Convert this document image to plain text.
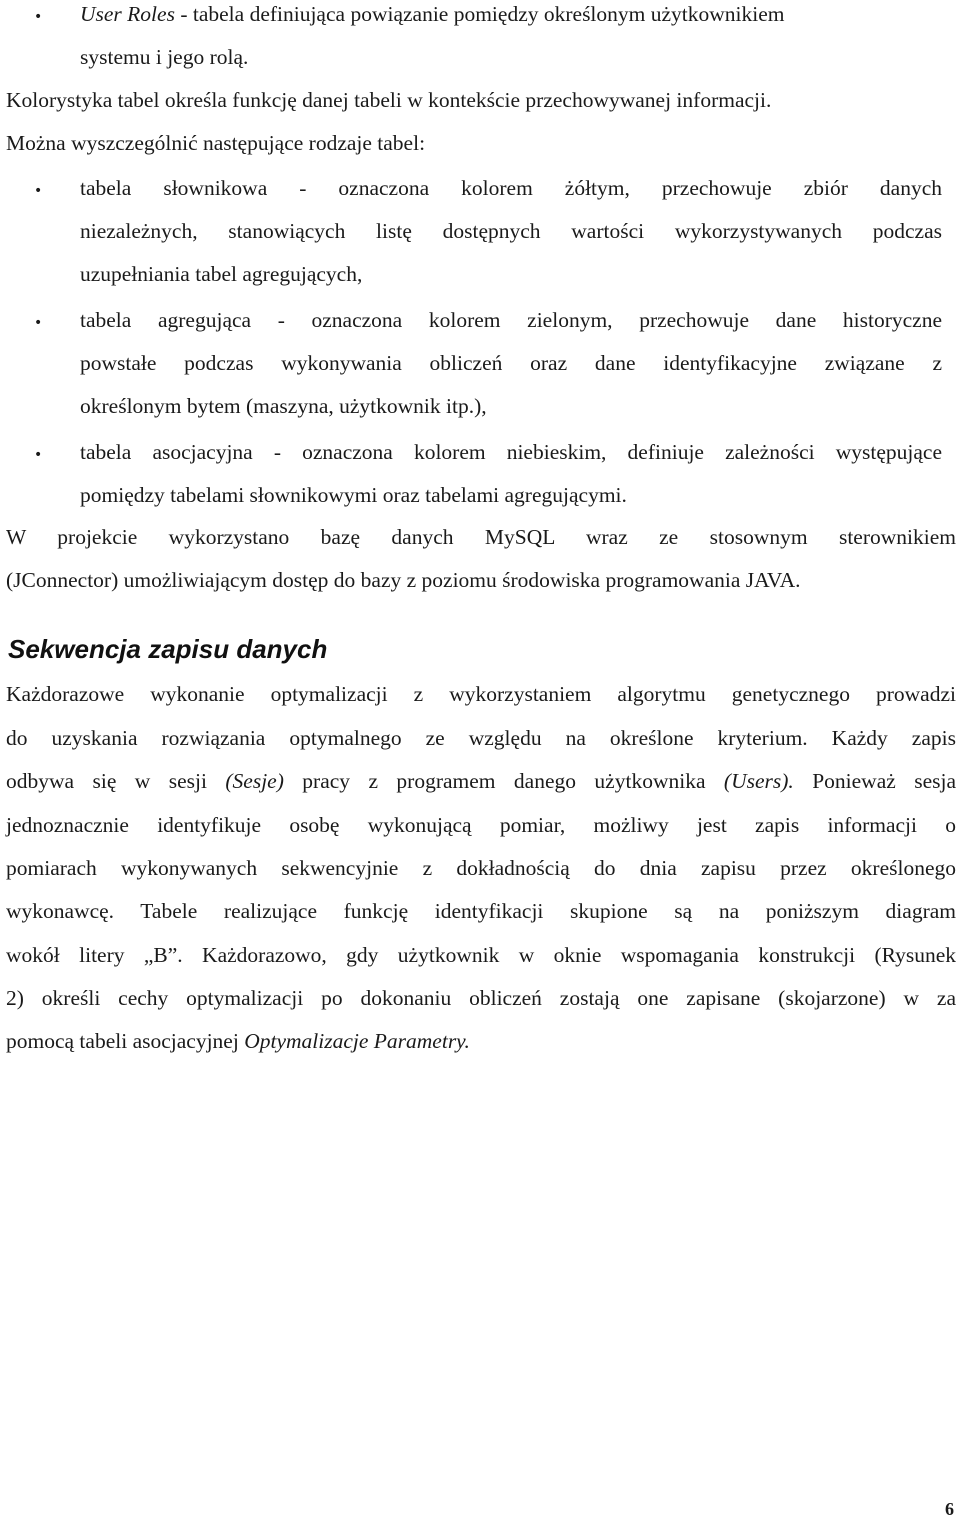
• User Roles - tabela definiująca powiązanie pomiędzy określonym użytkownikiem
systemu i jego rolą.
Kolorystyka tabel określa funkcję danej tabeli w kontekście przechowywanej informacji.
Można wyszczególnić następujące rodzaje tabel:
• tabela słownikowa - oznaczona kolorem żółtym, przechowuje zbiór danych
niezależnych, stanowiących listę dostępnych wartości wykorzystywanych podczas
uzupełniania tabel agregujących,
• tabela agregująca - oznaczona kolorem zielonym, przechowuje dane historyczne
powstałe podczas wykonywania obliczeń oraz dane identyfikacyjne związane z
określonym bytem (maszyna, użytkownik itp.),
• tabela asocjacyjna - oznaczona kolorem niebieskim, definiuje zależności występujące
pomiędzy tabelami słownikowymi oraz tabelami agregującymi.
W projekcie wykorzystano bazę danych MySQL wraz ze stosownym sterownikiem
(JConnector) umożliwiającym dostęp do bazy z poziomu środowiska programowania JAVA.
Sekwencja zapisu danych
Każdorazowe wykonanie optymalizacji z wykorzystaniem algorytmu genetycznego prowadzi
do uzyskania rozwiązania optymalnego ze względu na określone kryterium. Każdy zapis
odbywa się w sesji (Sesje) pracy z programem danego użytkownika (Users). Ponieważ sesja
jednoznacznie identyfikuje osobę wykonującą pomiar, możliwy jest zapis informacji o
pomiarach wykonywanych sekwencyjnie z dokładnością do dnia zapisu przez określonego
wykonawcę. Tabele realizujące funkcję identyfikacji skupione są na poniższym diagram
wokół litery „B”. Każdorazowo, gdy użytkownik w oknie wspomagania konstrukcji (Rysunek
2) określi cechy optymalizacji po dokonaniu obliczeń zostają one zapisane (skojarzone) w za
pomocą tabeli asocjacyjnej Optymalizacje Parametry.
6
